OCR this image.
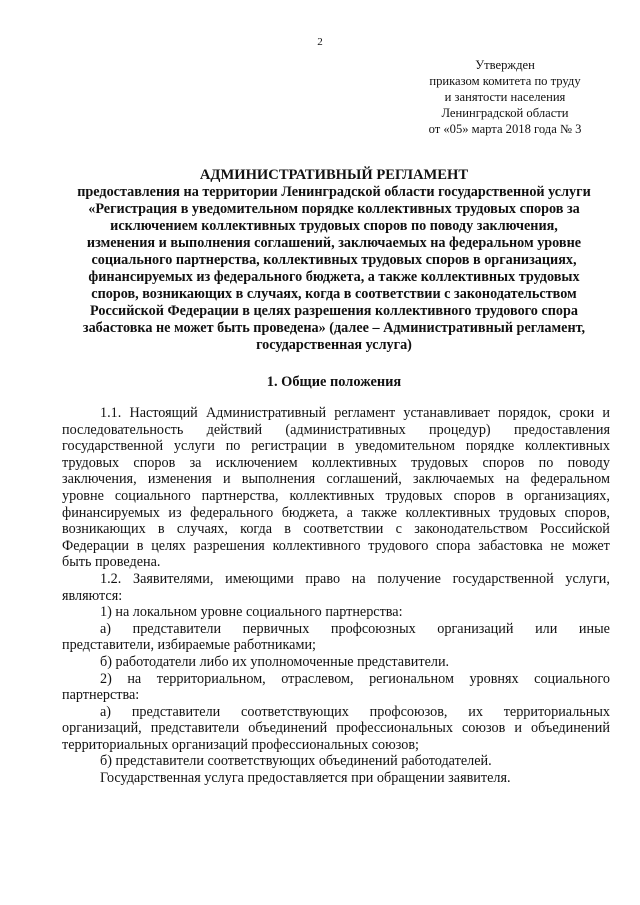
2
Утвержден
приказом комитета по труду
и занятости населения
Ленинградской области
от «05» марта 2018 года № 3
АДМИНИСТРАТИВНЫЙ РЕГЛАМЕНТ
предоставления на территории Ленинградской области государственной услуги
«Регистрация в уведомительном порядке коллективных трудовых споров за
исключением коллективных трудовых споров по поводу заключения,
изменения и выполнения соглашений, заключаемых на федеральном уровне
социального партнерства, коллективных трудовых споров в организациях,
финансируемых из федерального бюджета, а также коллективных трудовых
споров, возникающих в случаях, когда в соответствии с законодательством
Российской Федерации в целях разрешения коллективного трудового спора
забастовка не может быть проведена» (далее – Административный регламент,
государственная услуга)
1. Общие положения
1.1. Настоящий Административный регламент устанавливает порядок, сроки и
последовательность действий (административных процедур) предоставления
государственной услуги по регистрации в уведомительном порядке коллективных
трудовых споров за исключением коллективных трудовых споров по поводу
заключения, изменения и выполнения соглашений, заключаемых на федеральном
уровне социального партнерства, коллективных трудовых споров в организациях,
финансируемых из федерального бюджета, а также коллективных трудовых споров,
возникающих в случаях, когда в соответствии с законодательством Российской
Федерации в целях разрешения коллективного трудового спора забастовка не может
быть проведена.
1.2. Заявителями, имеющими право на получение государственной услуги,
являются:
1) на локальном уровне социального партнерства:
а) представители первичных профсоюзных организаций или иные
представители, избираемые работниками;
б) работодатели либо их уполномоченные представители.
2) на территориальном, отраслевом, региональном уровнях социального
партнерства:
а) представители соответствующих профсоюзов, их территориальных
организаций, представители объединений профессиональных союзов и объединений
территориальных организаций профессиональных союзов;
б) представители соответствующих объединений работодателей.
Государственная услуга предоставляется при обращении заявителя.
